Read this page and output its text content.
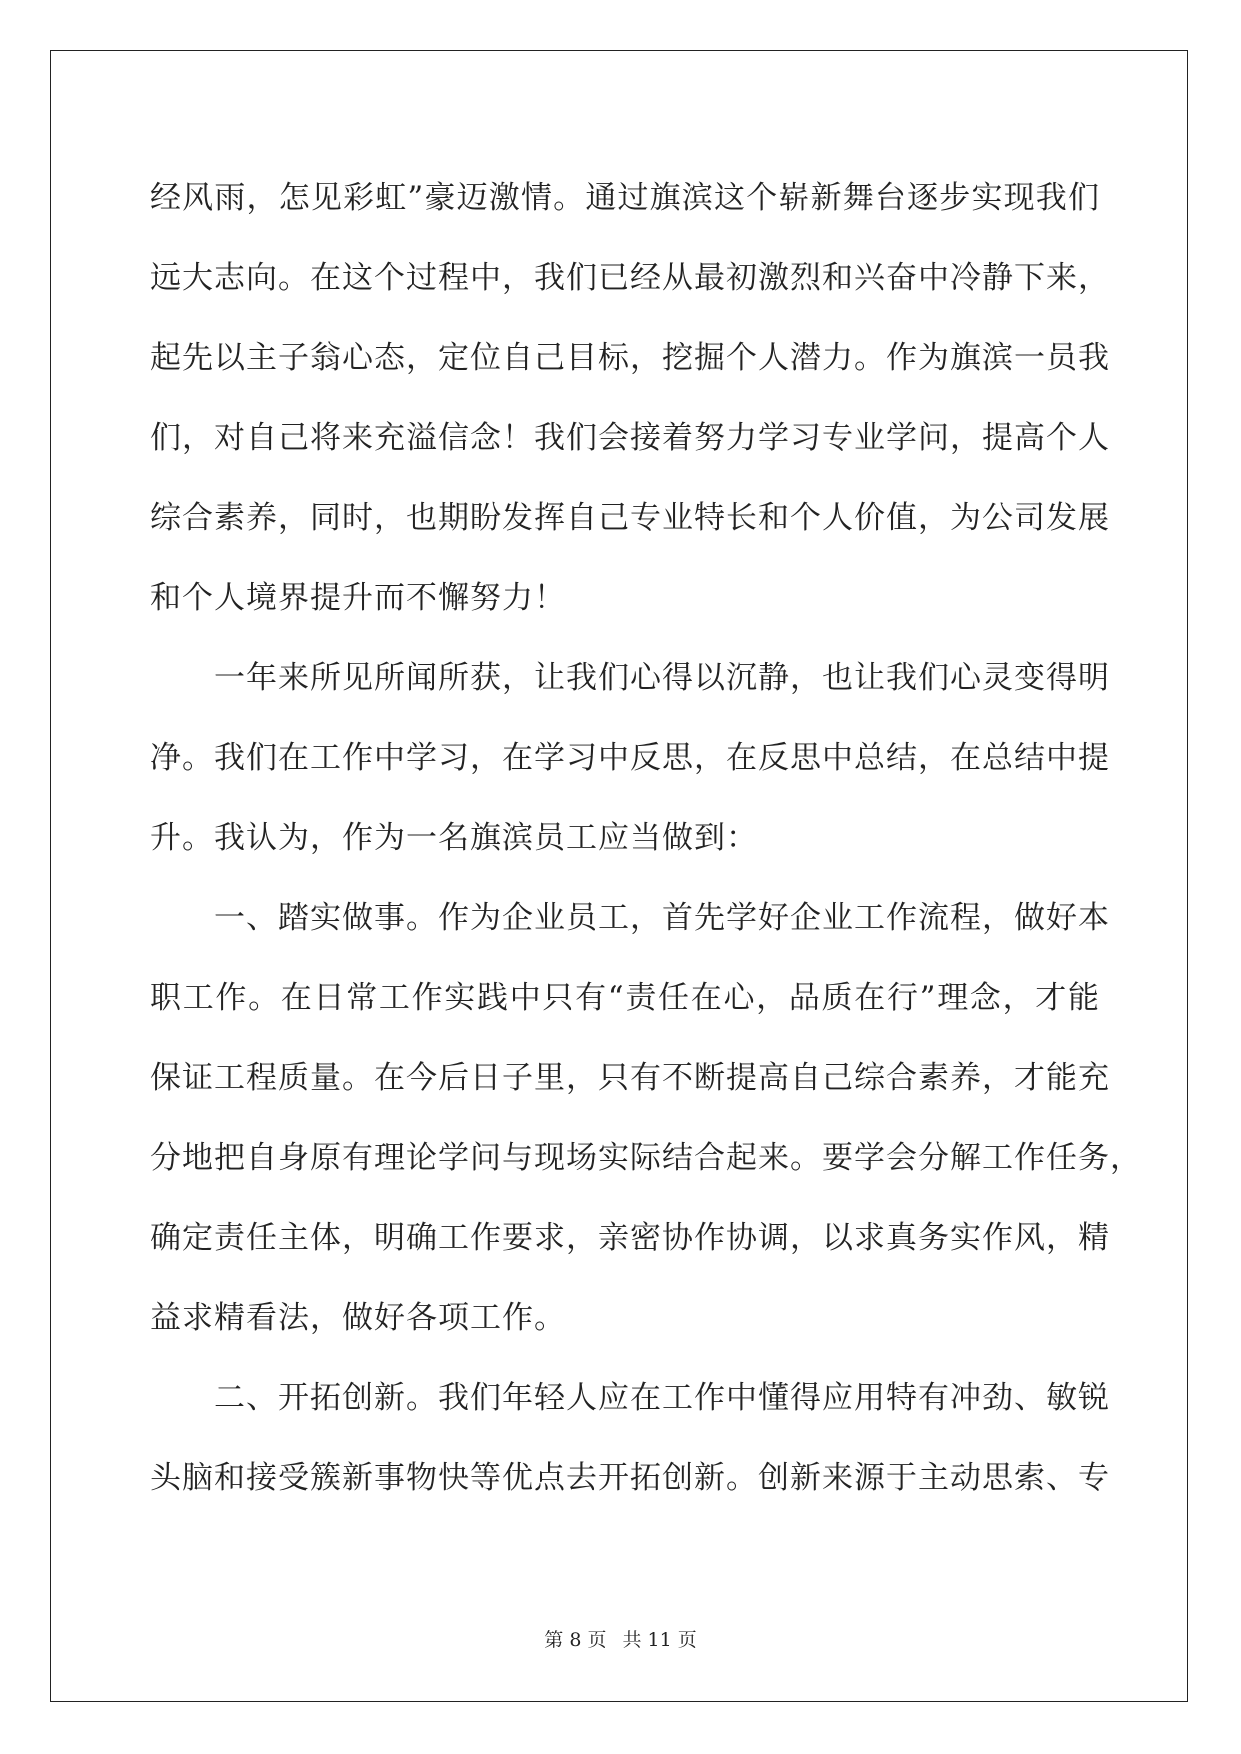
经风雨，怎见彩虹”豪迈激情。通过旗滨这个崭新舞台逐步实现我们
远大志向。在这个过程中，我们已经从最初激烈和兴奋中冷静下来，
起先以主子翁心态，定位自己目标，挖掘个人潜力。作为旗滨一员我
们，对自己将来充溢信念！我们会接着努力学习专业学问，提高个人
综合素养，同时，也期盼发挥自己专业特长和个人价值，为公司发展
和个人境界提升而不懈努力！
一年来所见所闻所获，让我们心得以沉静，也让我们心灵变得明
净。我们在工作中学习，在学习中反思，在反思中总结，在总结中提
升。我认为，作为一名旗滨员工应当做到：
一、踏实做事。作为企业员工，首先学好企业工作流程，做好本
职工作。在日常工作实践中只有“责任在心，品质在行”理念，才能
保证工程质量。在今后日子里，只有不断提高自己综合素养，才能充
分地把自身原有理论学问与现场实际结合起来。要学会分解工作任务，
确定责任主体，明确工作要求，亲密协作协调，以求真务实作风，精
益求精看法，做好各项工作。
二、开拓创新。我们年轻人应在工作中懂得应用特有冲劲、敏锐
头脑和接受簇新事物快等优点去开拓创新。创新来源于主动思索、专
第 8 页 共 11 页
